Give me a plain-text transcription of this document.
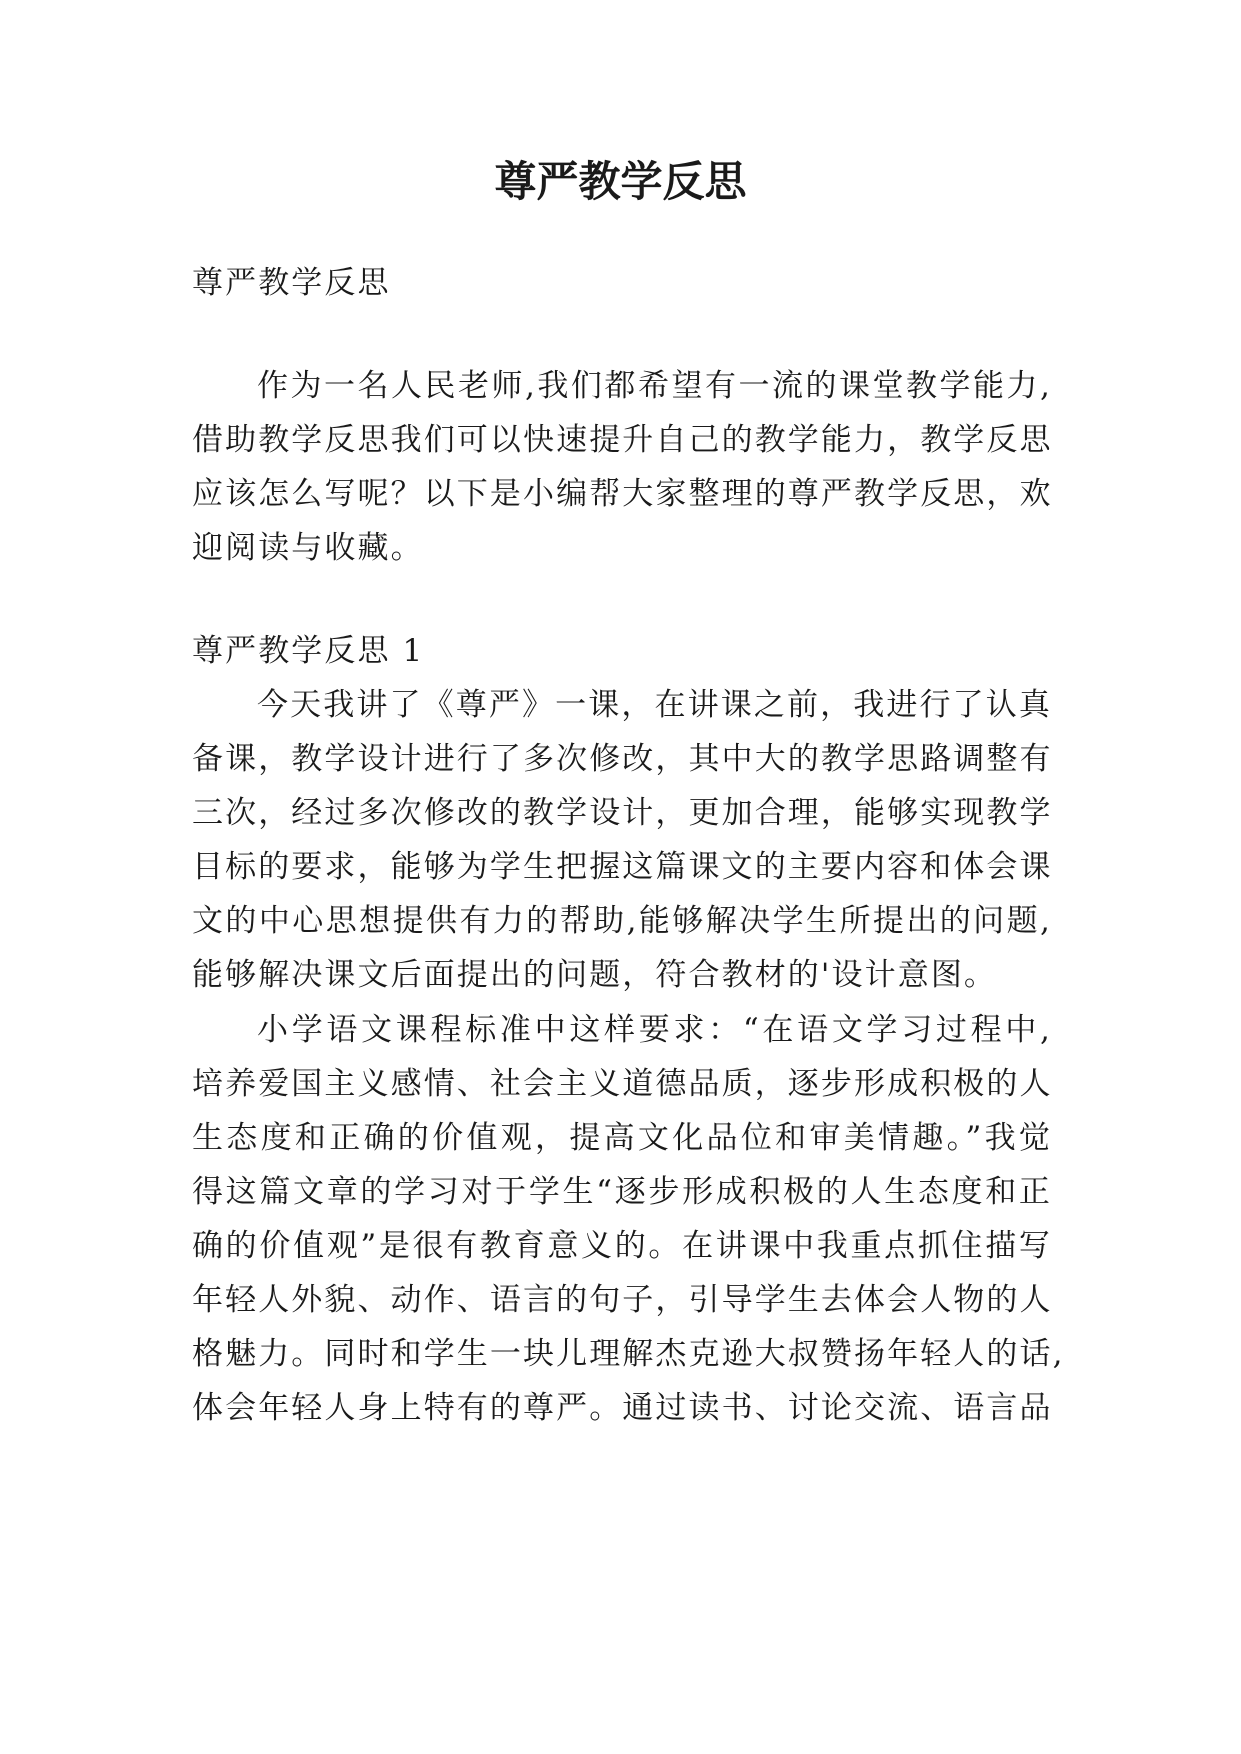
尊严教学反思

尊严教学反思

作为一名人民老师,我们都希望有一流的课堂教学能力,

借助教学反思我们可以快速提升自己的教学能力，教学反思

应该怎么写呢？以下是小编帮大家整理的尊严教学反思，欢

迎阅读与收藏。

尊严教学反思 1

今天我讲了《尊严》一课，在讲课之前，我进行了认真

备课，教学设计进行了多次修改，其中大的教学思路调整有

三次，经过多次修改的教学设计，更加合理，能够实现教学

目标的要求，能够为学生把握这篇课文的主要内容和体会课

文的中心思想提供有力的帮助,能够解决学生所提出的问题,

能够解决课文后面提出的问题，符合教材的'设计意图。

小学语文课程标准中这样要求：“在语文学习过程中,

培养爱国主义感情、社会主义道德品质，逐步形成积极的人

生态度和正确的价值观，提高文化品位和审美情趣。”我觉

得这篇文章的学习对于学生“逐步形成积极的人生态度和正

确的价值观”是很有教育意义的。在讲课中我重点抓住描写

年轻人外貌、动作、语言的句子，引导学生去体会人物的人

格魅力。同时和学生一块儿理解杰克逊大叔赞扬年轻人的话,

体会年轻人身上特有的尊严。通过读书、讨论交流、语言品
